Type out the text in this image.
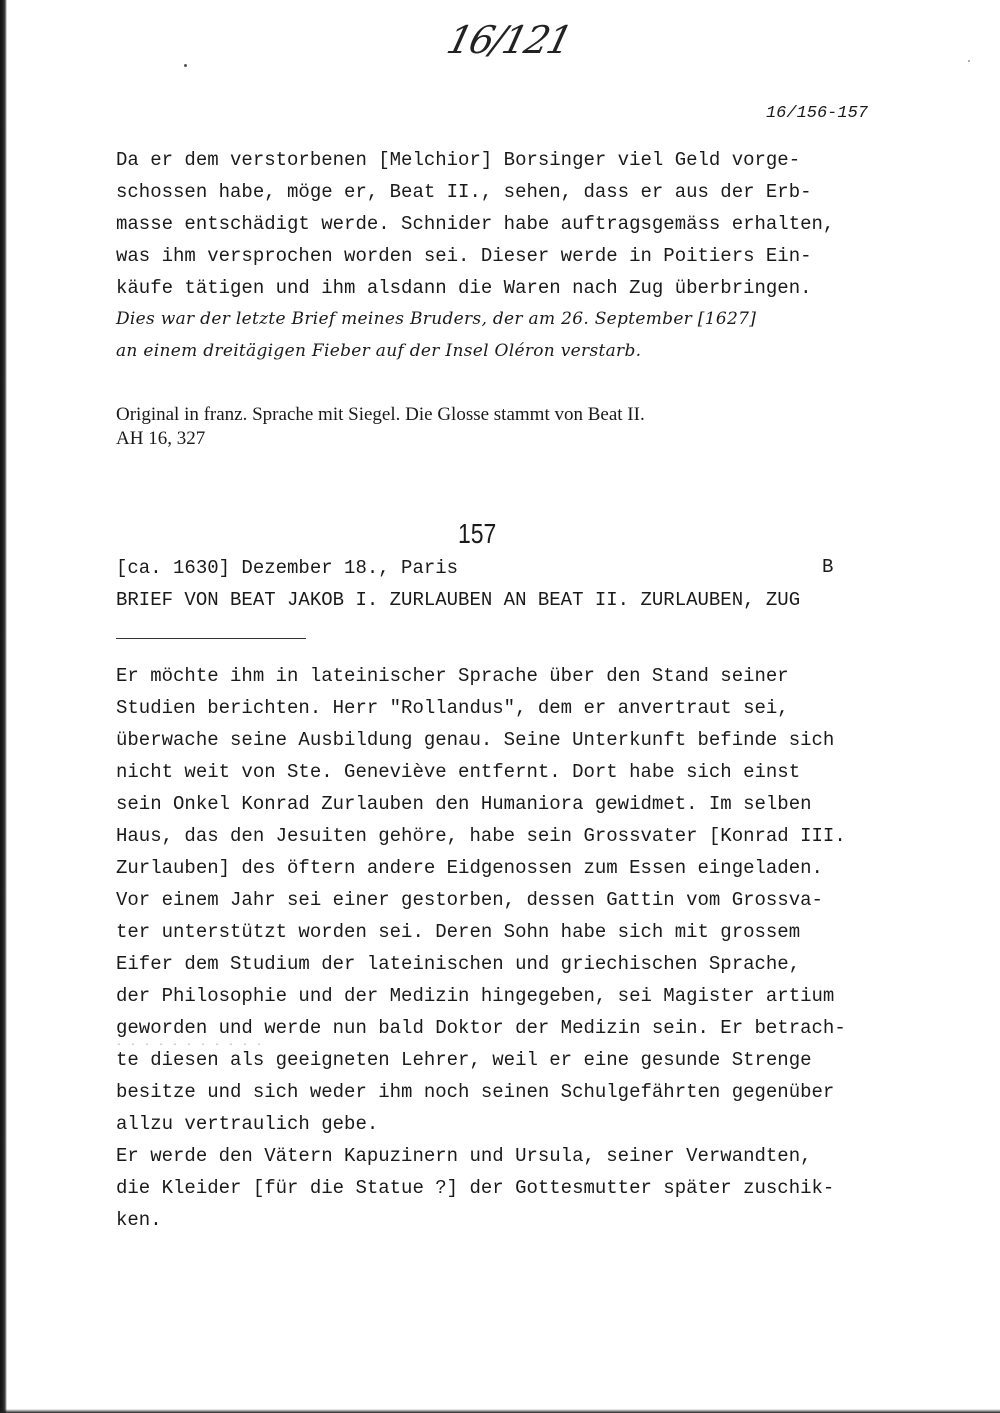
16/121
16/156-157
Da er dem verstorbenen [Melchior] Borsinger viel Geld vorge-
schossen habe, möge er, Beat II., sehen, dass er aus der Erb-
masse entschädigt werde. Schnider habe auftragsgemäss erhalten,
was ihm versprochen worden sei. Dieser werde in Poitiers Ein-
käufe tätigen und ihm alsdann die Waren nach Zug überbringen.
Dies war der letzte Brief meines Bruders, der am 26. September [1627]
an einem dreitägigen Fieber auf der Insel Oléron verstarb.
Original in franz. Sprache mit Siegel. Die Glosse stammt von Beat II.
AH 16, 327
157
[ca. 1630] Dezember 18., Paris	B
BRIEF VON BEAT JAKOB I. ZURLAUBEN AN BEAT II. ZURLAUBEN, ZUG
Er möchte ihm in lateinischer Sprache über den Stand seiner
Studien berichten. Herr "Rollandus", dem er anvertraut sei,
überwache seine Ausbildung genau. Seine Unterkunft befinde sich
nicht weit von Ste. Geneviève entfernt. Dort habe sich einst
sein Onkel Konrad Zurlauben den Humaniora gewidmet. Im selben
Haus, das den Jesuiten gehöre, habe sein Grossvater [Konrad III.
Zurlauben] des öftern andere Eidgenossen zum Essen eingeladen.
Vor einem Jahr sei einer gestorben, dessen Gattin vom Grossva-
ter unterstützt worden sei. Deren Sohn habe sich mit grossem
Eifer dem Studium der lateinischen und griechischen Sprache,
der Philosophie und der Medizin hingegeben, sei Magister artium
geworden und werde nun bald Doktor der Medizin sein. Er betrach-
. . . . . . . . . . .
te diesen als geeigneten Lehrer, weil er eine gesunde Strenge
besitze und sich weder ihm noch seinen Schulgefährten gegenüber
allzu vertraulich gebe.
Er werde den Vätern Kapuzinern und Ursula, seiner Verwandten,
die Kleider [für die Statue ?] der Gottesmutter später zuschik-
ken.
